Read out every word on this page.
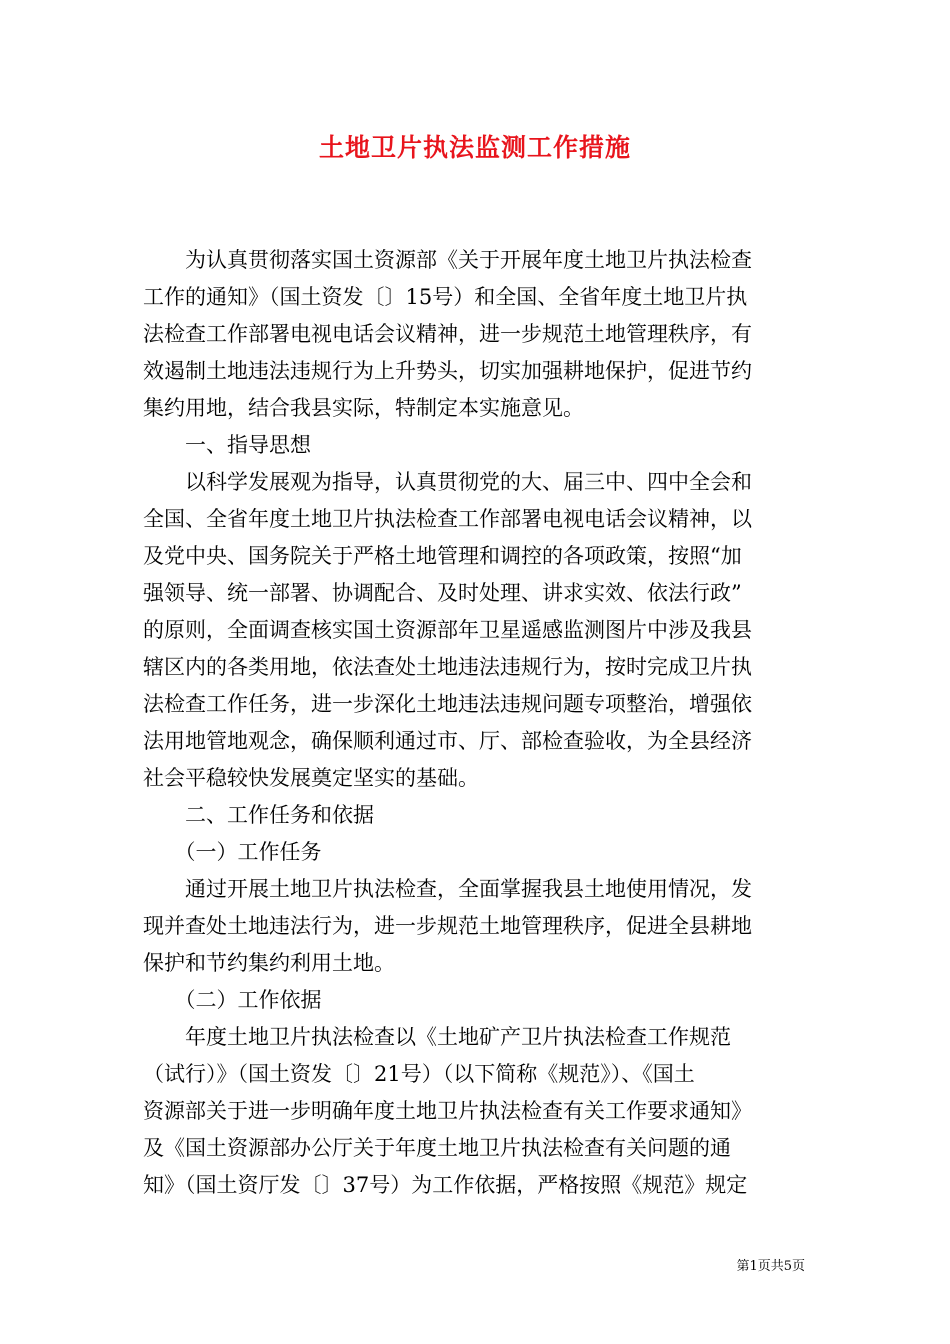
土地卫片执法监测工作措施
　　为认真贯彻落实国土资源部《关于开展年度土地卫片执法检查
工作的通知》（国土资发〔〕15号）和全国、全省年度土地卫片执
法检查工作部署电视电话会议精神，进一步规范土地管理秩序，有
效遏制土地违法违规行为上升势头，切实加强耕地保护，促进节约
集约用地，结合我县实际，特制定本实施意见。
　　一、指导思想
　　以科学发展观为指导，认真贯彻党的大、届三中、四中全会和
全国、全省年度土地卫片执法检查工作部署电视电话会议精神，以
及党中央、国务院关于严格土地管理和调控的各项政策，按照“加
强领导、统一部署、协调配合、及时处理、讲求实效、依法行政”
的原则，全面调查核实国土资源部年卫星遥感监测图片中涉及我县
辖区内的各类用地，依法查处土地违法违规行为，按时完成卫片执
法检查工作任务，进一步深化土地违法违规问题专项整治，增强依
法用地管地观念，确保顺利通过市、厅、部检查验收，为全县经济
社会平稳较快发展奠定坚实的基础。
　　二、工作任务和依据
　　（一）工作任务
　　通过开展土地卫片执法检查，全面掌握我县土地使用情况，发
现并查处土地违法行为，进一步规范土地管理秩序，促进全县耕地
保护和节约集约利用土地。
　　（二）工作依据
　　年度土地卫片执法检查以《土地矿产卫片执法检查工作规范
（试行）》（国土资发〔〕21号）（以下简称《规范》）、《国土
资源部关于进一步明确年度土地卫片执法检查有关工作要求通知》
及《国土资源部办公厅关于年度土地卫片执法检查有关问题的通
知》（国土资厅发〔〕37号）为工作依据，严格按照《规范》规定
第1页共5页
